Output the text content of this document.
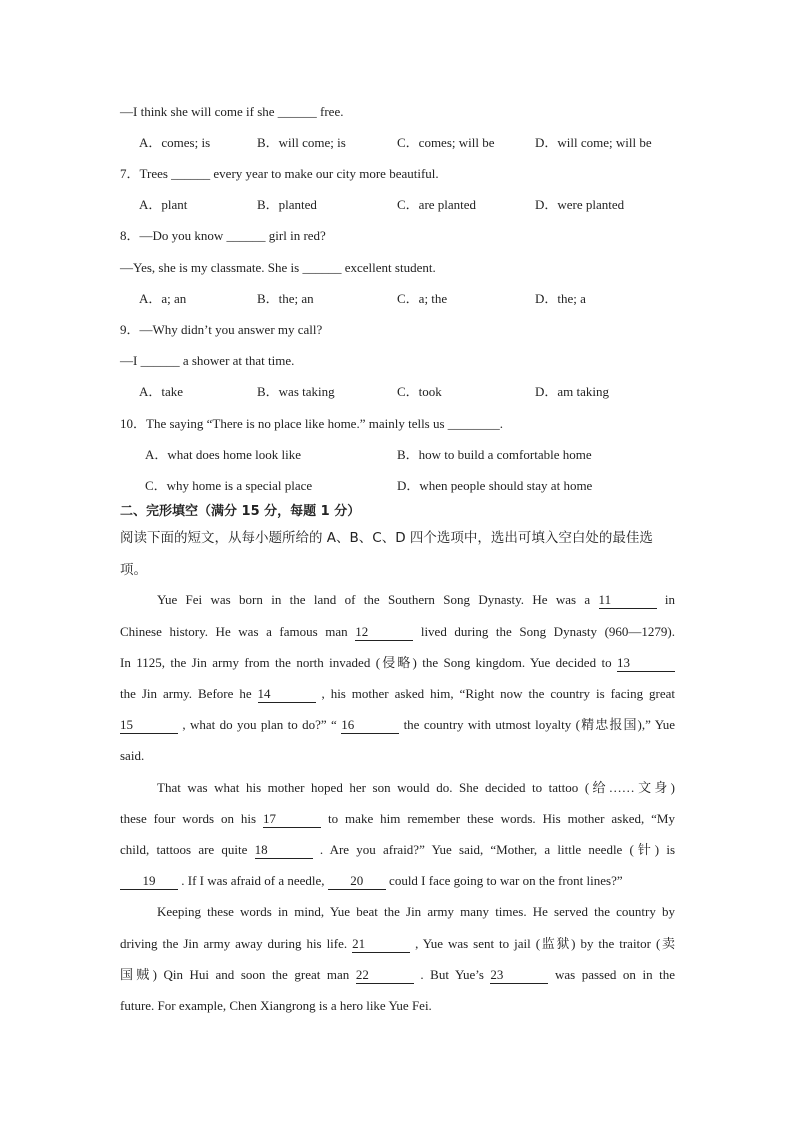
—I think she will come if she ______ free.
A．comes; is	B．will come; is	C．comes; will be	D．will come; will be
7．Trees ______ every year to make our city more beautiful.
A．plant	B．planted	C．are planted	D．were planted
8．—Do you know ______ girl in red?
—Yes, she is my classmate. She is ______ excellent student.
A．a; an	B．the; an	C．a; the	D．the; a
9．—Why didn’t you answer my call?
—I ______ a shower at that time.
A．take	B．was taking	C．took	D．am taking
10．The saying “There is no place like home.” mainly tells us ________.
A．what does home look like	B．how to build a comfortable home
C．why home is a special place	D．when people should stay at home
二、完形填空（满分 15 分，每题 1 分）
阅读下面的短文，从每小题所给的 A、B、C、D 四个选项中，选出可填入空白处的最佳选
项。
Yue Fei was born in the land of the Southern Song Dynasty. He was a 11	in
Chinese history. He was a famous man 12	lived during the Song Dynasty (960—1279).
In 1125, the Jin army from the north invaded (侵略) the Song kingdom. Yue decided to 13
the Jin army. Before he 14	, his mother asked him, “Right now the country is facing great
15	, what do you plan to do?” “ 16	the country with utmost loyalty (精忠报国),” Yue
said.
That was what his mother hoped her son would do. She decided to tattoo (给……文身)
these four words on his 17	to make him remember these words. His mother asked, “My
child, tattoos are quite 18	. Are you afraid?” Yue said, “Mother, a little needle (针) is
19 . If I was afraid of a needle, 20 could I face going to war on the front lines?”
Keeping these words in mind, Yue beat the Jin army many times. He served the country by
driving the Jin army away during his life. 21	, Yue was sent to jail (监狱) by the traitor (卖
国贼) Qin Hui and soon the great man 22	. But Yue’s 23	was passed on in the
future. For example, Chen Xiangrong is a hero like Yue Fei.
